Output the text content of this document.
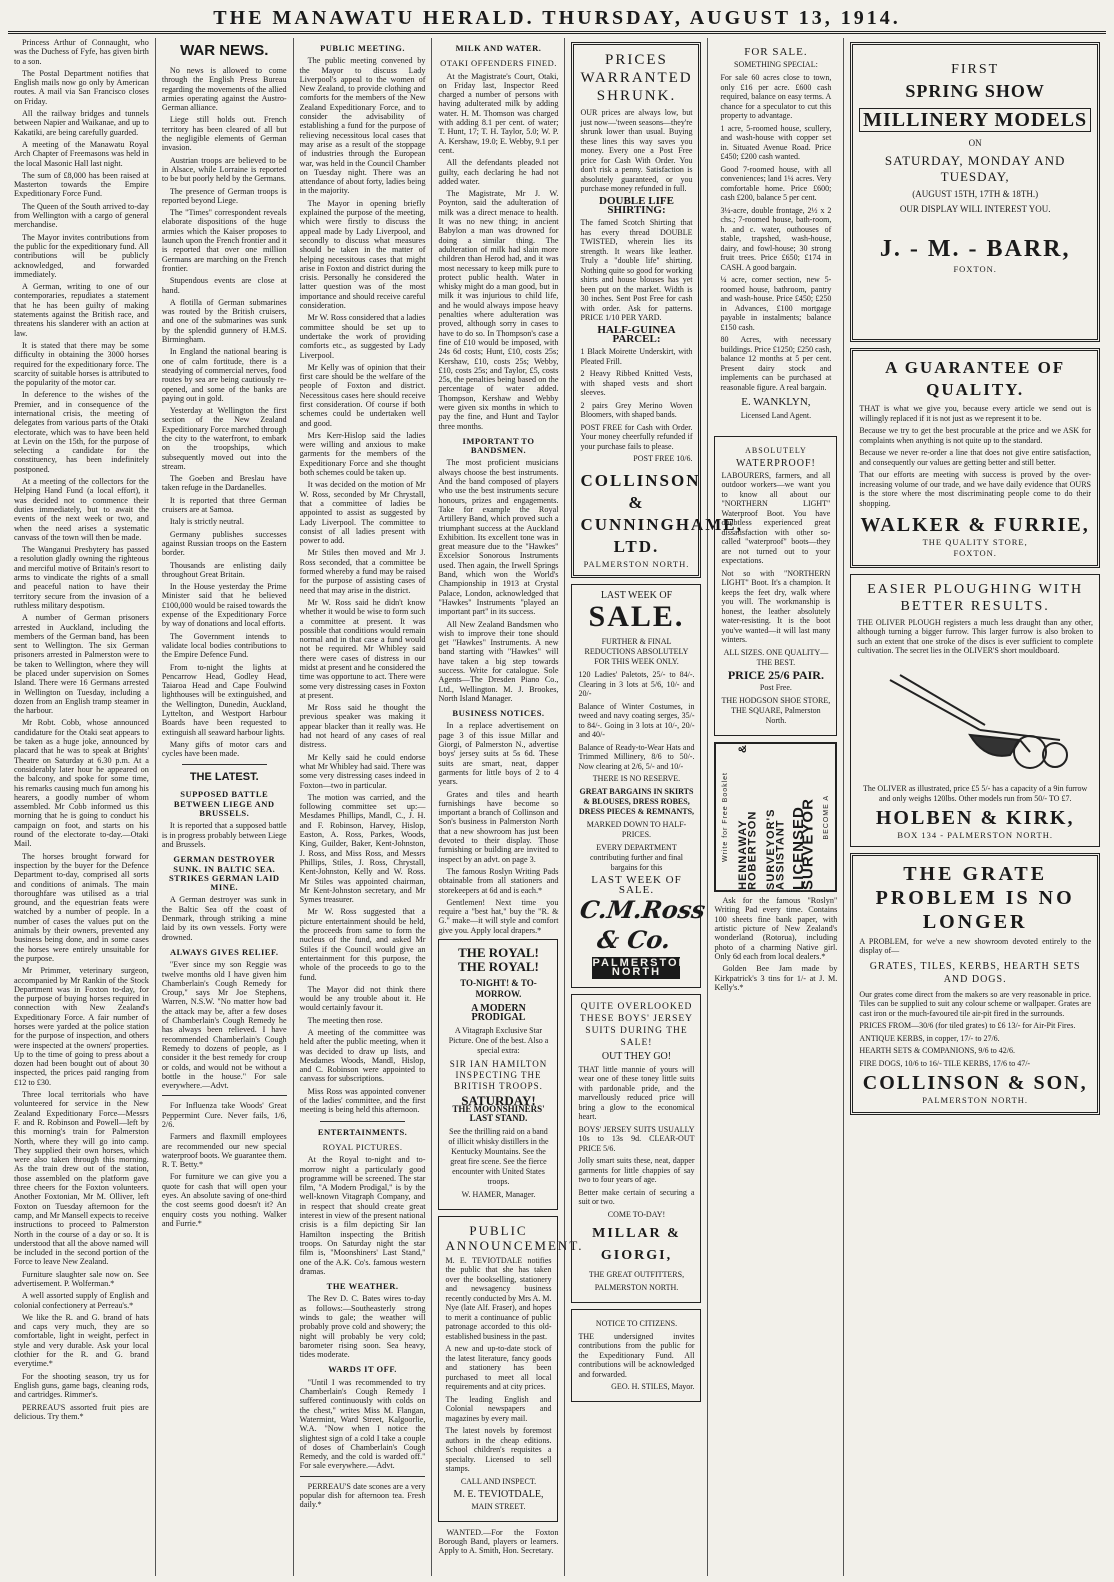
THE MANAWATU HERALD. THURSDAY, AUGUST 13, 1914.

Princess Arthur of Connaught, who was the Duchess of Fyfe, has given birth to a son.

The Postal Department notifies that English mails now go only by American routes. A mail via San Francisco closes on Friday.

All the railway bridges and tunnels between Napier and Waikanae, and up to Kakatiki, are being carefully guarded.

A meeting of the Manawatu Royal Arch Chapter of Freemasons was held in the local Masonic Hall last night.

The sum of £8,000 has been raised at Masterton towards the Empire Expeditionary Force Fund.

The Queen of the South arrived to-day from Wellington with a cargo of general merchandise.

The Mayor invites contributions from the public for the expeditionary fund. All contributions will be publicly acknowledged, and forwarded immediately.

A German, writing to one of our contemporaries, repudiates a statement that he has been guilty of making statements against the British race, and threatens his slanderer with an action at law.

It is stated that there may be some difficulty in obtaining the 3000 horses required for the expeditionary force. The scarcity of suitable horses is attributed to the popularity of the motor car.

In deference to the wishes of the Premier, and in consequence of the international crisis, the meeting of delegates from various parts of the Otaki electorate, which was to have been held at Levin on the 15th, for the purpose of selecting a candidate for the constituency, has been indefinitely postponed.

At a meeting of the collectors for the Helping Hand Fund (a local effort), it was decided not to commence their duties immediately, but to await the events of the next week or two, and when the need arises a systematic canvass of the town will then be made.

The Wanganui Presbytery has passed a resolution gladly owning the righteous and merciful motive of Britain's resort to arms to vindicate the rights of a small and peaceful nation to have their territory secure from the invasion of a ruthless military despotism.

A number of German prisoners arrested in Auckland, including the members of the German band, has been sent to Wellington. The six German prisoners arrested in Palmerston were to be taken to Wellington, where they will be placed under supervision on Somes Island. There were 16 Germans arrested in Wellington on Tuesday, including a dozen from an English tramp steamer in the harbour.

Mr Robt. Cobb, whose announced candidature for the Otaki seat appears to be taken as a huge joke, announced by placard that he was to speak at Brights' Theatre on Saturday at 6.30 p.m. At a considerably later hour he appeared on the balcony, and spoke for some time, his remarks causing much fun among his hearers, a goodly number of whom assembled. Mr Cobb informed us this morning that he is going to conduct his campaign on foot, and starts on his round of the electorate to-day.—Otaki Mail.

The horses brought forward for inspection by the buyer for the Defence Department to-day, comprised all sorts and conditions of animals. The main thoroughfare was utilised as a trial ground, and the equestrian feats were watched by a number of people. In a number of cases the values put on the animals by their owners, prevented any business being done, and in some cases the horses were entirely unsuitable for the purpose.

Mr Primmer, veterinary surgeon, accompanied by Mr Rankin of the Stock Department was in Foxton to-day, for the purpose of buying horses required in connection with New Zealand's Expeditionary Force. A fair number of horses were yarded at the police station for the purpose of inspection, and others were inspected at the owners' properties. Up to the time of going to press about a dozen had been bought out of about 30 inspected, the prices paid ranging from £12 to £30.

Three local territorials who have volunteered for service in the New Zealand Expeditionary Force—Messrs F. and R. Robinson and Powell—left by this morning's train for Palmerston North, where they will go into camp. They supplied their own horses, which were also taken through this morning. As the train drew out of the station, those assembled on the platform gave three cheers for the Foxton volunteers. Another Foxtonian, Mr M. Olliver, left Foxton on Tuesday afternoon for the camp, and Mr Mansell expects to receive instructions to proceed to Palmerston North in the course of a day or so. It is understood that all the above named will be included in the second portion of the Force to leave New Zealand.

Furniture slaughter sale now on. See advertisement. P. Wolferman.*

A well assorted supply of English and colonial confectionery at Perreau's.*

We like the R. and G. brand of hats and caps very much, they are so comfortable, light in weight, perfect in style and very durable. Ask your local clothier for the R. and G. brand everytime.*

For the shooting season, try us for English guns, game bags, cleaning rods, and cartridges. Rimmer's.

PERREAU'S assorted fruit pies are delicious. Try them.*

WAR NEWS.

No news is allowed to come through the English Press Bureau regarding the movements of the allied armies operating against the Austro-German alliance.

Liege still holds out. French territory has been cleared of all but the negligible elements of German invasion.

Austrian troops are believed to be in Alsace, while Lorraine is reported to be but poorly held by the Germans.

The presence of German troops is reported beyond Liege.

The "Times" correspondent reveals elaborate dispositions of the huge armies which the Kaiser proposes to launch upon the French frontier and it is reported that over one million Germans are marching on the French frontier.

Stupendous events are close at hand.

A flotilla of German submarines was routed by the British cruisers, and one of the submarines was sunk by the splendid gunnery of H.M.S. Birmingham.

In England the national bearing is one of calm fortitude, there is a steadying of commercial nerves, food routes by sea are being cautiously re-opened, and some of the banks are paying out in gold.

Yesterday at Wellington the first section of the New Zealand Expeditionary Force marched through the city to the waterfront, to embark on the troopships, which subsequently moved out into the stream.

The Goeben and Breslau have taken refuge in the Dardanelles.

It is reported that three German cruisers are at Samoa.

Italy is strictly neutral.

Germany publishes successes against Russian troops on the Eastern border.

Thousands are enlisting daily throughout Great Britain.

In the House yesterday the Prime Minister said that he believed £100,000 would be raised towards the expense of the Expeditionary Force by way of donations and local efforts.

The Government intends to validate local bodies contributions to the Empire Defence Fund.

From to-night the lights at Pencarrow Head, Godley Head, Taiaroa Head and Cape Foulwind lighthouses will be extinguished, and the Wellington, Dunedin, Auckland, Lyttelton, and Westport Harbour Boards have been requested to extinguish all seaward harbour lights.

Many gifts of motor cars and cycles have been made.

THE LATEST.
SUPPOSED BATTLE BETWEEN LIEGE AND BRUSSELS.

It is reported that a supposed battle is in progress probably between Liege and Brussels.

GERMAN DESTROYER SUNK. IN BALTIC SEA. STRIKES GERMAN LAID MINE.

A German destroyer was sunk in the Baltic Sea off the coast of Denmark, through striking a mine laid by its own vessels. Forty were drowned.

ALWAYS GIVES RELIEF.

"Ever since my son Reggie was twelve months old I have given him Chamberlain's Cough Remedy for Croup," says Mr Joe Stephens, Warren, N.S.W. "No matter how bad the attack may be, after a few doses of Chamberlain's Cough Remedy he has always been relieved. I have recommended Chamberlain's Cough Remedy to dozens of people, as I consider it the best remedy for croup or colds, and would not be without a bottle in the house." For sale everywhere.—Advt.

For Influenza take Woods' Great Peppermint Cure. Never fails, 1/6, 2/6.

Farmers and flaxmill employees are recommended our new special waterproof boots. We guarantee them. R. T. Betty.*

For furniture we can give you a quote for cash that will open your eyes. An absolute saving of one-third the cost seems good doesn't it? An enquiry costs you nothing. Walker and Furrie.*

PUBLIC MEETING.

The public meeting convened by the Mayor to discuss Lady Liverpool's appeal to the women of New Zealand, to provide clothing and comforts for the members of the New Zealand Expeditionary Force, and to consider the advisability of establishing a fund for the purpose of relieving necessitous local cases that may arise as a result of the stoppage of industries through the European war, was held in the Council Chamber on Tuesday night. There was an attendance of about forty, ladies being in the majority.

The Mayor in opening briefly explained the purpose of the meeting, which were firstly to discuss the appeal made by Lady Liverpool, and secondly to discuss what measures should be taken in the matter of helping necessitous cases that might arise in Foxton and district during the crisis. Personally he considered the latter question was of the most importance and should receive careful consideration.

Mr W. Ross considered that a ladies committee should be set up to undertake the work of providing comforts etc., as suggested by Lady Liverpool.

Mr Kelly was of opinion that their first care should be the welfare of the people of Foxton and district. Necessitous cases here should receive first consideration. Of course if both schemes could be undertaken well and good.

Mrs Kerr-Hislop said the ladies were willing and anxious to make garments for the members of the Expeditionary Force and she thought both schemes could be taken up.

It was decided on the motion of Mr W. Ross, seconded by Mr Chrystall, that a committee of ladies be appointed to assist as suggested by Lady Liverpool. The committee to consist of all ladies present with power to add.

Mr Stiles then moved and Mr J. Ross seconded, that a committee be formed whereby a fund may be raised for the purpose of assisting cases of need that may arise in the district.

Mr W. Ross said he didn't know whether it would be wise to form such a committee at present. It was possible that conditions would remain normal and in that case a fund would not be required. Mr Whibley said there were cases of distress in our midst at present and he considered the time was opportune to act. There were some very distressing cases in Foxton at present.

Mr Ross said he thought the previous speaker was making it appear blacker than it really was. He had not heard of any cases of real distress.

Mr Kelly said he could endorse what Mr Whibley had said. There was some very distressing cases indeed in Foxton—two in particular.

The motion was carried, and the following committee set up:—Mesdames Phillips, Mandl, C., J. H. and F. Robinson, Harvey, Hislop, Easton, A. Ross, Parkes, Woods, King, Guilder, Baker, Kent-Johnston, J. Ross, and Miss Ross, and Messrs Phillips, Stiles, J. Ross, Chrystall, Kent-Johnston, Kelly and W. Ross. Mr Stiles was appointed chairman, Mr Kent-Johnston secretary, and Mr Symes treasurer.

Mr W. Ross suggested that a picture entertainment should be held, the proceeds from same to form the nucleus of the fund, and asked Mr Stiles if the Council would give an entertainment for this purpose, the whole of the proceeds to go to the fund.

The Mayor did not think there would be any trouble about it. He would certainly favour it.

The meeting then rose.

A meeting of the committee was held after the public meeting, when it was decided to draw up lists, and Mesdames Woods, Mandl, Hislop, and C. Robinson were appointed to canvass for subscriptions.

Miss Ross was appointed convener of the ladies' committee, and the first meeting is being held this afternoon.

ENTERTAINMENTS.
ROYAL PICTURES.

At the Royal to-night and to-morrow night a particularly good programme will be screened. The star film, "A Modern Prodigal," is by the well-known Vitagraph Company, and in respect that should create great interest in view of the present national crisis is a film depicting Sir Ian Hamilton inspecting the British troops. On Saturday night the star film is, "Moonshiners' Last Stand," one of the A.K. Co's. famous western dramas.

THE WEATHER.

The Rev D. C. Bates wires to-day as follows:—Southeasterly strong winds to gale; the weather will probably prove cold and showery; the night will probably be very cold; barometer rising soon. Sea heavy, tides moderate.

WARDS IT OFF.

"Until I was recommended to try Chamberlain's Cough Remedy I suffered continuously with colds on the chest," writes Miss M. Flangan, Watermint, Ward Street, Kalgoorlie, W.A. "Now when I notice the slightest sign of a cold I take a couple of doses of Chamberlain's Cough Remedy, and the cold is warded off." For sale everywhere.—Advt.

PERREAU'S date scones are a very popular dish for afternoon tea. Fresh daily.*

MILK AND WATER.
OTAKI OFFENDERS FINED.

At the Magistrate's Court, Otaki, on Friday last, Inspector Reed charged a number of persons with having adulterated milk by adding water. H. M. Thomson was charged with adding 8.1 per cent. of water; T. Hunt, 17; T. H. Taylor, 5.0; W. P. A. Kershaw, 19.0; E. Webby, 9.1 per cent.

All the defendants pleaded not guilty, each declaring he had not added water.

The Magistrate, Mr J. W. Poynton, said the adulteration of milk was a direct menace to health. It was no new thing; in ancient Babylon a man was drowned for doing a similar thing. The adulteration of milk had slain more children than Herod had, and it was most necessary to keep milk pure to protect public health. Water in whisky might do a man good, but in milk it was injurious to child life, and he would always impose heavy penalties where adulteration was proved, although sorry in cases to have to do so. In Thompson's case a fine of £10 would be imposed, with 24s 6d costs; Hunt, £10, costs 25s; Kershaw, £10, costs 25s; Webby, £10, costs 25s; and Taylor, £5, costs 25s, the penalties being based on the percentage of water added. Thompson, Kershaw and Webby were given six months in which to pay the fine, and Hunt and Taylor three months.

IMPORTANT TO BANDSMEN.

The most proficient musicians always choose the best instruments. And the band composed of players who use the best instruments secure honours, prizes and engagements. Take for example the Royal Artillery Band, which proved such a triumphant success at the Auckland Exhibition. Its excellent tone was in great measure due to the "Hawkes" Excelsior Sonorous Instruments used. Then again, the Irwell Springs Band, which won the World's Championship in 1913 at Crystal Palace, London, acknowledged that "Hawkes" Instruments "played an important part" in its success.

All New Zealand Bandsmen who wish to improve their tone should get "Hawkes" Instruments. A new band starting with "Hawkes" will have taken a big step towards success. Write for catalogue. Sole Agents—The Dresden Piano Co., Ltd., Wellington. M. J. Brookes, North Island Manager.

BUSINESS NOTICES.

In a replace advertisement on page 3 of this issue Millar and Giorgi, of Palmerston N., advertise boys' jersey suits at 5s 6d. These suits are smart, neat, dapper garments for little boys of 2 to 4 years.

Grates and tiles and hearth furnishings have become so important a branch of Collinson and Son's business in Palmerston North that a new showroom has just been devoted to their display. Those furnishing or building are invited to inspect by an advt. on page 3.

The famous Roslyn Writing Pads obtainable from all stationers and storekeepers at 6d and is each.*

Gentlemen! Next time you require a "best hat," buy the "R. & G." make—it will style and comfort give you. Apply local drapers.*

THE ROYAL!
THE ROYAL!
TO-NIGHT! & TO-MORROW.
A MODERN PRODIGAL
A Vitagraph Exclusive Star Picture. One of the best. Also a special extra:
SIR IAN HAMILTON INSPECTING THE BRITISH TROOPS.
SATURDAY!
THE MOONSHINERS' LAST STAND.
See the thrilling raid on a band of illicit whisky distillers in the Kentucky Mountains. See the great fire scene. See the fierce encounter with United States troops.
W. HAMER, Manager.
PUBLIC ANNOUNCEMENT.
M. E. TEVIOTDALE notifies the public that she has taken over the bookselling, stationery and newsagency business recently conducted by Mrs A. M. Nye (late Alf. Fraser), and hopes to merit a continuance of public patronage accorded to this old-established business in the past.
A new and up-to-date stock of the latest literature, fancy goods and stationery has been purchased to meet all local requirements and at city prices.
The leading English and Colonial newspapers and magazines by every mail.
The latest novels by foremost authors in the cheap editions. School children's requisites a specialty. Licensed to sell stamps.
CALL AND INSPECT.
M. E. TEVIOTDALE,
MAIN STREET.

WANTED.—For the Foxton Borough Band, players or learners. Apply to A. Smith, Hon. Secretary.

PRICES WARRANTED SHRUNK.
OUR prices are always low, but just now—'tween seasons—they're shrunk lower than usual. Buying these lines this way saves you money. Every one a Post Free price for Cash With Order. You don't risk a penny. Satisfaction is absolutely guaranteed, or you purchase money refunded in full.
DOUBLE LIFE SHIRTING:
The famed Scotch Shirting that has every thread DOUBLE TWISTED, wherein lies its strength. It wears like leather. Truly a "double life" shirting. Nothing quite so good for working shirts and house blouses has yet been put on the market. Width is 30 inches. Sent Post Free for cash with order. Ask for patterns. PRICE 1/10 PER YARD.
HALF-GUINEA PARCEL:
1 Black Moirette Underskirt, with Pleated Frill.
2 Heavy Ribbed Knitted Vests, with shaped vests and short sleeves.
2 pairs Grey Merino Woven Bloomers, with shaped bands.
POST FREE for Cash with Order. Your money cheerfully refunded if your purchase fails to please.
POST FREE 10/6.
COLLINSON & CUNNINGHAME, LTD.
PALMERSTON NORTH.
LAST WEEK OF
SALE.
FURTHER & FINAL REDUCTIONS ABSOLUTELY FOR THIS WEEK ONLY.
120 Ladies' Paletots, 25/- to 84/-. Clearing in 3 lots at 5/6, 10/- and 20/-
Balance of Winter Costumes, in tweed and navy coating serges, 35/- to 84/-. Going in 3 lots at 10/-, 20/- and 40/-
Balance of Ready-to-Wear Hats and Trimmed Millinery, 8/6 to 50/-. Now clearing at 2/6, 5/- and 10/-
THERE IS NO RESERVE.
GREAT BARGAINS IN SKIRTS & BLOUSES, DRESS ROBES, DRESS PIECES & REMNANTS,
MARKED DOWN TO HALF-PRICES.
EVERY DEPARTMENT contributing further and final bargains for this
LAST WEEK OF SALE.
C.M.Ross & Co.
PALMERSTON NORTH
QUITE OVERLOOKED THESE BOYS' JERSEY SUITS DURING THE SALE!
OUT THEY GO!
THAT little mannie of yours will wear one of these toney little suits with pardonable pride, and the marvellously reduced price will bring a glow to the economical heart.
BOYS' JERSEY SUITS USUALLY 10s to 13s 9d. CLEAR-OUT PRICE 5/6.
Jolly smart suits these, neat, dapper garments for little chappies of say two to four years of age.
Better make certain of securing a suit or two.
COME TO-DAY!
MILLAR & GIORGI,
THE GREAT OUTFITTERS,
PALMERSTON NORTH.
NOTICE TO CITIZENS.
THE undersigned invites contributions from the public for the Expeditionary Fund. All contributions will be acknowledged and forwarded.
GEO. H. STILES, Mayor.
FOR SALE.
SOMETHING SPECIAL:
For sale 60 acres close to town, only £16 per acre. £600 cash required, balance on easy terms. A chance for a speculator to cut this property to advantage.
1 acre, 5-roomed house, scullery, and wash-house with copper set in. Situated Avenue Road. Price £450; £200 cash wanted.
Good 7-roomed house, with all conveniences; land 1¼ acres. Very comfortable home. Price £600; cash £200, balance 5 per cent.
3¼-acre, double frontage, 2½ x 2 chs.; 7-roomed house, bath-room, h. and c. water, outhouses of stable, trapshed, wash-house, dairy, and fowl-house; 30 strong fruit trees. Price £650; £174 in CASH. A good bargain.
¼ acre, corner section, new 5-roomed house, bathroom, pantry and wash-house. Price £450; £250 in Advances, £100 mortgage payable in instalments; balance £150 cash.
80 Acres, with necessary buildings. Price £1250; £250 cash, balance 12 months at 5 per cent. Present dairy stock and implements can be purchased at reasonable figure. A real bargain.
E. WANKLYN,
Licensed Land Agent.
ABSOLUTELY
WATERPROOF!
LABOURERS, farmers, and all outdoor workers—we want you to know all about our "NORTHERN LIGHT" Waterproof Boot. You have doubtless experienced great dissatisfaction with other so-called "waterproof" boots—they are not turned out to your expectations.
Not so with "NORTHERN LIGHT" Boot. It's a champion. It keeps the feet dry, walk where you will. The workmanship is honest, the leather absolutely water-resisting. It is the boot you've wanted—it will last many winters.
ALL SIZES. ONE QUALITY—THE BEST.
PRICE 25/6 PAIR.
Post Free.
THE HODGSON SHOE STORE, THE SQUARE, Palmerston North.
Write for Free Booklet HENNAWAY & ROBERTSON SURVEYOR'S ASSISTANT LICENSED SURVEYOR BECOME A

Ask for the famous "Roslyn" Writing Pad every time. Contains 100 sheets fine bank paper, with artistic picture of New Zealand's wonderland (Rotorua), including photo of a charming Native girl. Only 6d each from local dealers.*

Golden Bee Jam made by Kirkpatrick's 3 tins for 1/- at J. M. Kelly's.*

FIRST
SPRING SHOW
MILLINERY MODELS
ON
SATURDAY, MONDAY AND TUESDAY,
(AUGUST 15TH, 17TH & 18TH.)
OUR DISPLAY WILL INTEREST YOU.
J. - M. - BARR,
FOXTON.
A GUARANTEE OF QUALITY.
THAT is what we give you, because every article we send out is willingly replaced if it is not just as we represent it to be.
Because we try to get the best procurable at the price and we ASK for complaints when anything is not quite up to the standard.
Because we never re-order a line that does not give entire satisfaction, and consequently our values are getting better and still better.
That our efforts are meeting with success is proved by the over-increasing volume of our trade, and we have daily evidence that OURS is the store where the most discriminating people come to do their shopping.
WALKER & FURRIE,
THE QUALITY STORE,
FOXTON.
EASIER PLOUGHING WITH BETTER RESULTS.
THE OLIVER PLOUGH registers a much less draught than any other, although turning a bigger furrow. This larger furrow is also broken to such an extent that one stroke of the discs is ever sufficient to complete cultivation. The secret lies in the OLIVER'S short mouldboard.
The OLIVER as illustrated, price £5 5/- has a capacity of a 9in furrow and only weighs 120lbs. Other models run from 50/- TO £7.
HOLBEN & KIRK,
BOX 134 - PALMERSTON NORTH.
THE GRATE PROBLEM IS NO LONGER
A PROBLEM, for we've a new showroom devoted entirely to the display of—
GRATES, TILES, KERBS, HEARTH SETS AND DOGS.
Our grates come direct from the makers so are very reasonable in price. Tiles can be supplied to suit any colour scheme or wallpaper. Grates are cast iron or the much-favoured tile air-pit fired in the surrounds.
PRICES FROM—30/6 (for tiled grates) to £6 13/- for Air-Pit Fires.
ANTIQUE KERBS, in copper, 17/- to 27/6.
HEARTH SETS & COMPANIONS, 9/6 to 42/6.
FIRE DOGS, 10/6 to 16/- TILE KERBS, 17/6 to 47/-
COLLINSON & SON,
PALMERSTON NORTH.
